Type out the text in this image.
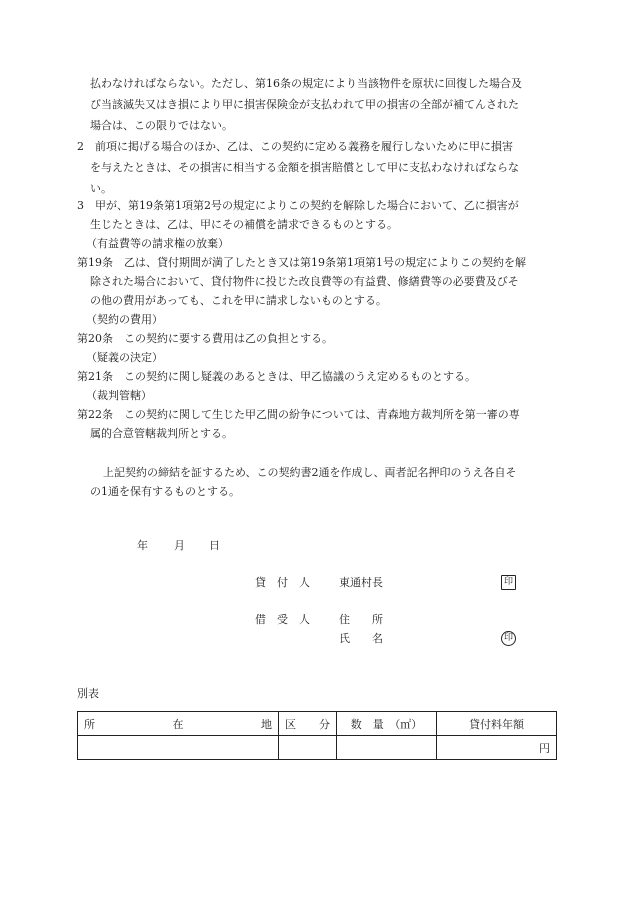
払わなければならない。ただし、第16条の規定により当該物件を原状に回復した場合及
び当該滅失又はき損により甲に損害保険金が支払われて甲の損害の全部が補てんされた
場合は、この限りではない。
2　前項に掲げる場合のほか、乙は、この契約に定める義務を履行しないために甲に損害
を与えたときは、その損害に相当する金額を損害賠償として甲に支払わなければならな
い。
3　甲が、第19条第1項第2号の規定によりこの契約を解除した場合において、乙に損害が
生じたときは、乙は、甲にその補償を請求できるものとする。
（有益費等の請求権の放棄）
第19条　乙は、貸付期間が満了したとき又は第19条第1項第1号の規定によりこの契約を解
除された場合において、貸付物件に投じた改良費等の有益費、修繕費等の必要費及びそ
の他の費用があっても、これを甲に請求しないものとする。
（契約の費用）
第20条　この契約に要する費用は乙の負担とする。
（疑義の決定）
第21条　この契約に関し疑義のあるときは、甲乙協議のうえ定めるものとする。
（裁判管轄）
第22条　この契約に関して生じた甲乙間の紛争については、青森地方裁判所を第一審の専
属的合意管轄裁判所とする。
上記契約の締結を証するため、この契約書2通を作成し、両者記名押印のうえ各自そ
の1通を保有するものとする。
年 月 日
貸　付　人	東通村長	印
借　受　人	住　　所
氏　　名	印
別表
所 在 地	区 分	数　量　（㎡）	貸付料年額
			円
